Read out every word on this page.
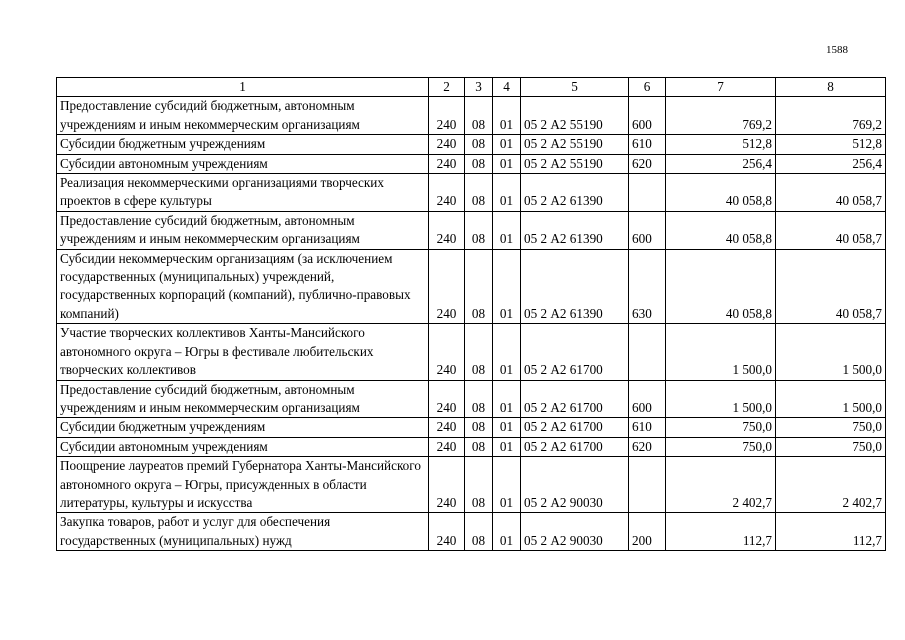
1588
1	2	3	4	5	6	7	8
Предоставление субсидий бюджетным, автономным учреждениям и иным некоммерческим организациям	240	08	01	05 2 А2 55190	600	769,2	769,2
Субсидии бюджетным учреждениям	240	08	01	05 2 А2 55190	610	512,8	512,8
Субсидии автономным учреждениям	240	08	01	05 2 А2 55190	620	256,4	256,4
Реализация некоммерческими организациями творческих проектов в сфере культуры	240	08	01	05 2 А2 61390		40 058,8	40 058,7
Предоставление субсидий бюджетным, автономным учреждениям и иным некоммерческим организациям	240	08	01	05 2 А2 61390	600	40 058,8	40 058,7
Субсидии некоммерческим организациям (за исключением государственных (муниципальных) учреждений, государственных корпораций (компаний), публично-правовых компаний)	240	08	01	05 2 А2 61390	630	40 058,8	40 058,7
Участие творческих коллективов Ханты-Мансийского автономного округа – Югры в фестивале любительских творческих коллективов	240	08	01	05 2 А2 61700		1 500,0	1 500,0
Предоставление субсидий бюджетным, автономным учреждениям и иным некоммерческим организациям	240	08	01	05 2 А2 61700	600	1 500,0	1 500,0
Субсидии бюджетным учреждениям	240	08	01	05 2 А2 61700	610	750,0	750,0
Субсидии автономным учреждениям	240	08	01	05 2 А2 61700	620	750,0	750,0
Поощрение лауреатов премий Губернатора Ханты-Мансийского автономного округа – Югры, присужденных в области литературы, культуры и искусства	240	08	01	05 2 А2 90030		2 402,7	2 402,7
Закупка товаров, работ и услуг для обеспечения государственных (муниципальных) нужд	240	08	01	05 2 А2 90030	200	112,7	112,7
